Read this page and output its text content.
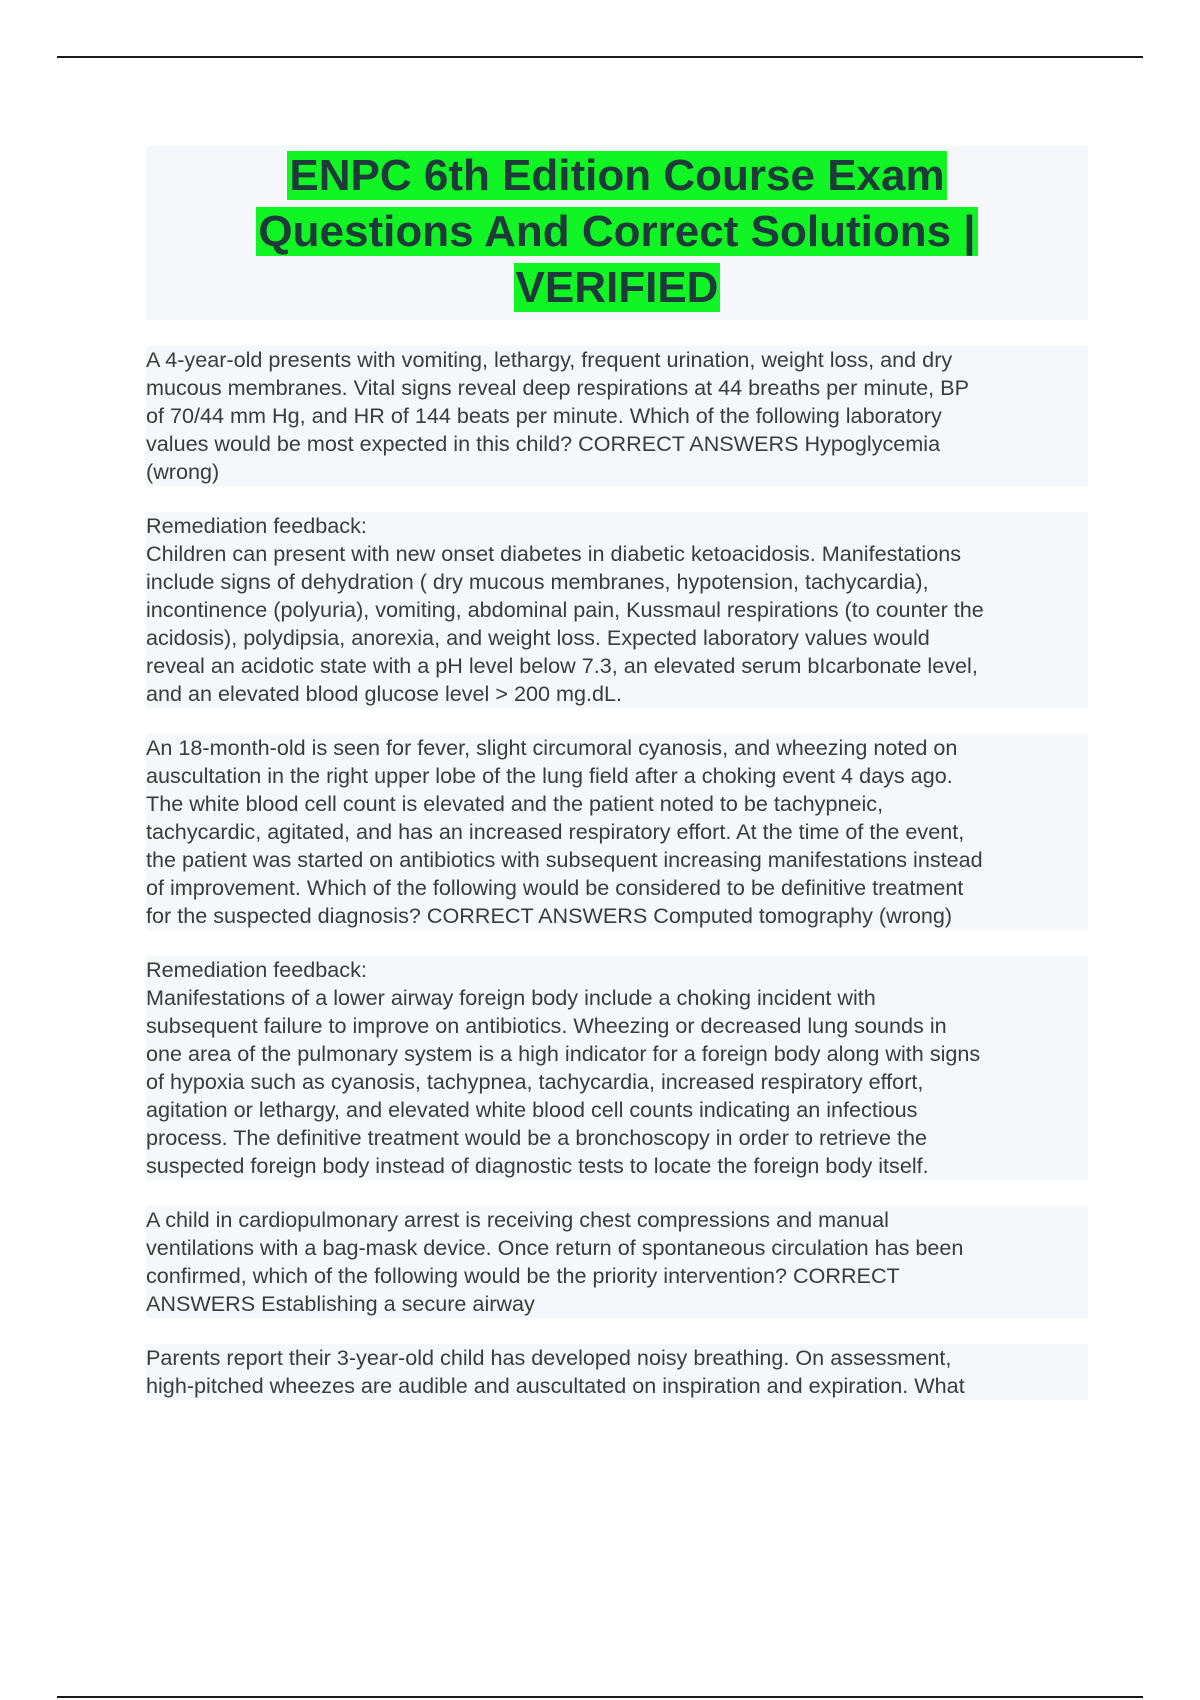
ENPC 6th Edition Course Exam
Questions And Correct Solutions |
VERIFIED

A 4-year-old presents with vomiting, lethargy, frequent urination, weight loss, and dry
mucous membranes. Vital signs reveal deep respirations at 44 breaths per minute, BP
of 70/44 mm Hg, and HR of 144 beats per minute. Which of the following laboratory
values would be most expected in this child? CORRECT ANSWERS Hypoglycemia
(wrong)

Remediation feedback:
Children can present with new onset diabetes in diabetic ketoacidosis. Manifestations
include signs of dehydration ( dry mucous membranes, hypotension, tachycardia),
incontinence (polyuria), vomiting, abdominal pain, Kussmaul respirations (to counter the
acidosis), polydipsia, anorexia, and weight loss. Expected laboratory values would
reveal an acidotic state with a pH level below 7.3, an elevated serum bIcarbonate level,
and an elevated blood glucose level > 200 mg.dL.

An 18-month-old is seen for fever, slight circumoral cyanosis, and wheezing noted on
auscultation in the right upper lobe of the lung field after a choking event 4 days ago.
The white blood cell count is elevated and the patient noted to be tachypneic,
tachycardic, agitated, and has an increased respiratory effort. At the time of the event,
the patient was started on antibiotics with subsequent increasing manifestations instead
of improvement. Which of the following would be considered to be definitive treatment
for the suspected diagnosis? CORRECT ANSWERS Computed tomography (wrong)

Remediation feedback:
Manifestations of a lower airway foreign body include a choking incident with
subsequent failure to improve on antibiotics. Wheezing or decreased lung sounds in
one area of the pulmonary system is a high indicator for a foreign body along with signs
of hypoxia such as cyanosis, tachypnea, tachycardia, increased respiratory effort,
agitation or lethargy, and elevated white blood cell counts indicating an infectious
process. The definitive treatment would be a bronchoscopy in order to retrieve the
suspected foreign body instead of diagnostic tests to locate the foreign body itself.

A child in cardiopulmonary arrest is receiving chest compressions and manual
ventilations with a bag-mask device. Once return of spontaneous circulation has been
confirmed, which of the following would be the priority intervention? CORRECT
ANSWERS Establishing a secure airway

Parents report their 3-year-old child has developed noisy breathing. On assessment,
high-pitched wheezes are audible and auscultated on inspiration and expiration. What
